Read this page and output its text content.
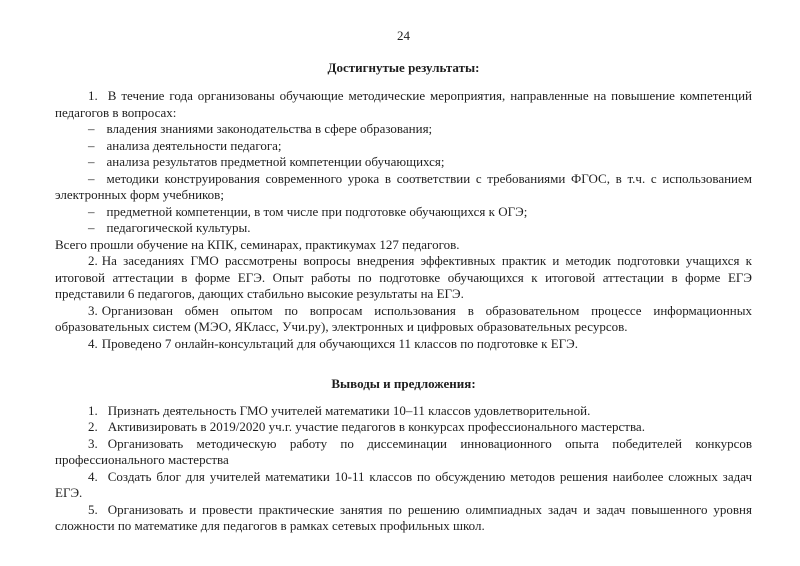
24
Достигнутые результаты:

1. В течение года организованы обучающие методические мероприятия, направленные на повышение компетенций педагогов в вопросах:

– владения знаниями законодательства в сфере образования;

– анализа деятельности педагога;

– анализа результатов предметной компетенции обучающихся;

– методики конструирования современного урока в соответствии с требованиями ФГОС, в т.ч. с использованием электронных форм учебников;

– предметной компетенции, в том числе при подготовке обучающихся к ОГЭ;

– педагогической культуры.

Всего прошли обучение на КПК, семинарах, практикумах 127 педагогов.

2. На заседаниях ГМО рассмотрены вопросы внедрения эффективных практик и методик подготовки учащихся к итоговой аттестации в форме ЕГЭ. Опыт работы по подготовке обучающихся к итоговой аттестации в форме ЕГЭ представили 6 педагогов, дающих стабильно высокие результаты на ЕГЭ.

3. Организован обмен опытом по вопросам использования в образовательном процессе информационных образовательных систем (МЭО, ЯКласс, Учи.ру), электронных и цифровых образовательных ресурсов.

4. Проведено 7 онлайн-консультаций для обучающихся 11 классов по подготовке к ЕГЭ.

Выводы и предложения:

1. Признать деятельность ГМО учителей математики 10–11 классов удовлетворительной.

2. Активизировать в 2019/2020 уч.г. участие педагогов в конкурсах профессионального мастерства.

3. Организовать методическую работу по диссеминации инновационного опыта победителей конкурсов профессионального мастерства

4. Создать блог для учителей математики 10-11 классов по обсуждению методов решения наиболее сложных задач ЕГЭ.

5. Организовать и провести практические занятия по решению олимпиадных задач и задач повышенного уровня сложности по математике для педагогов в рамках сетевых профильных школ.
